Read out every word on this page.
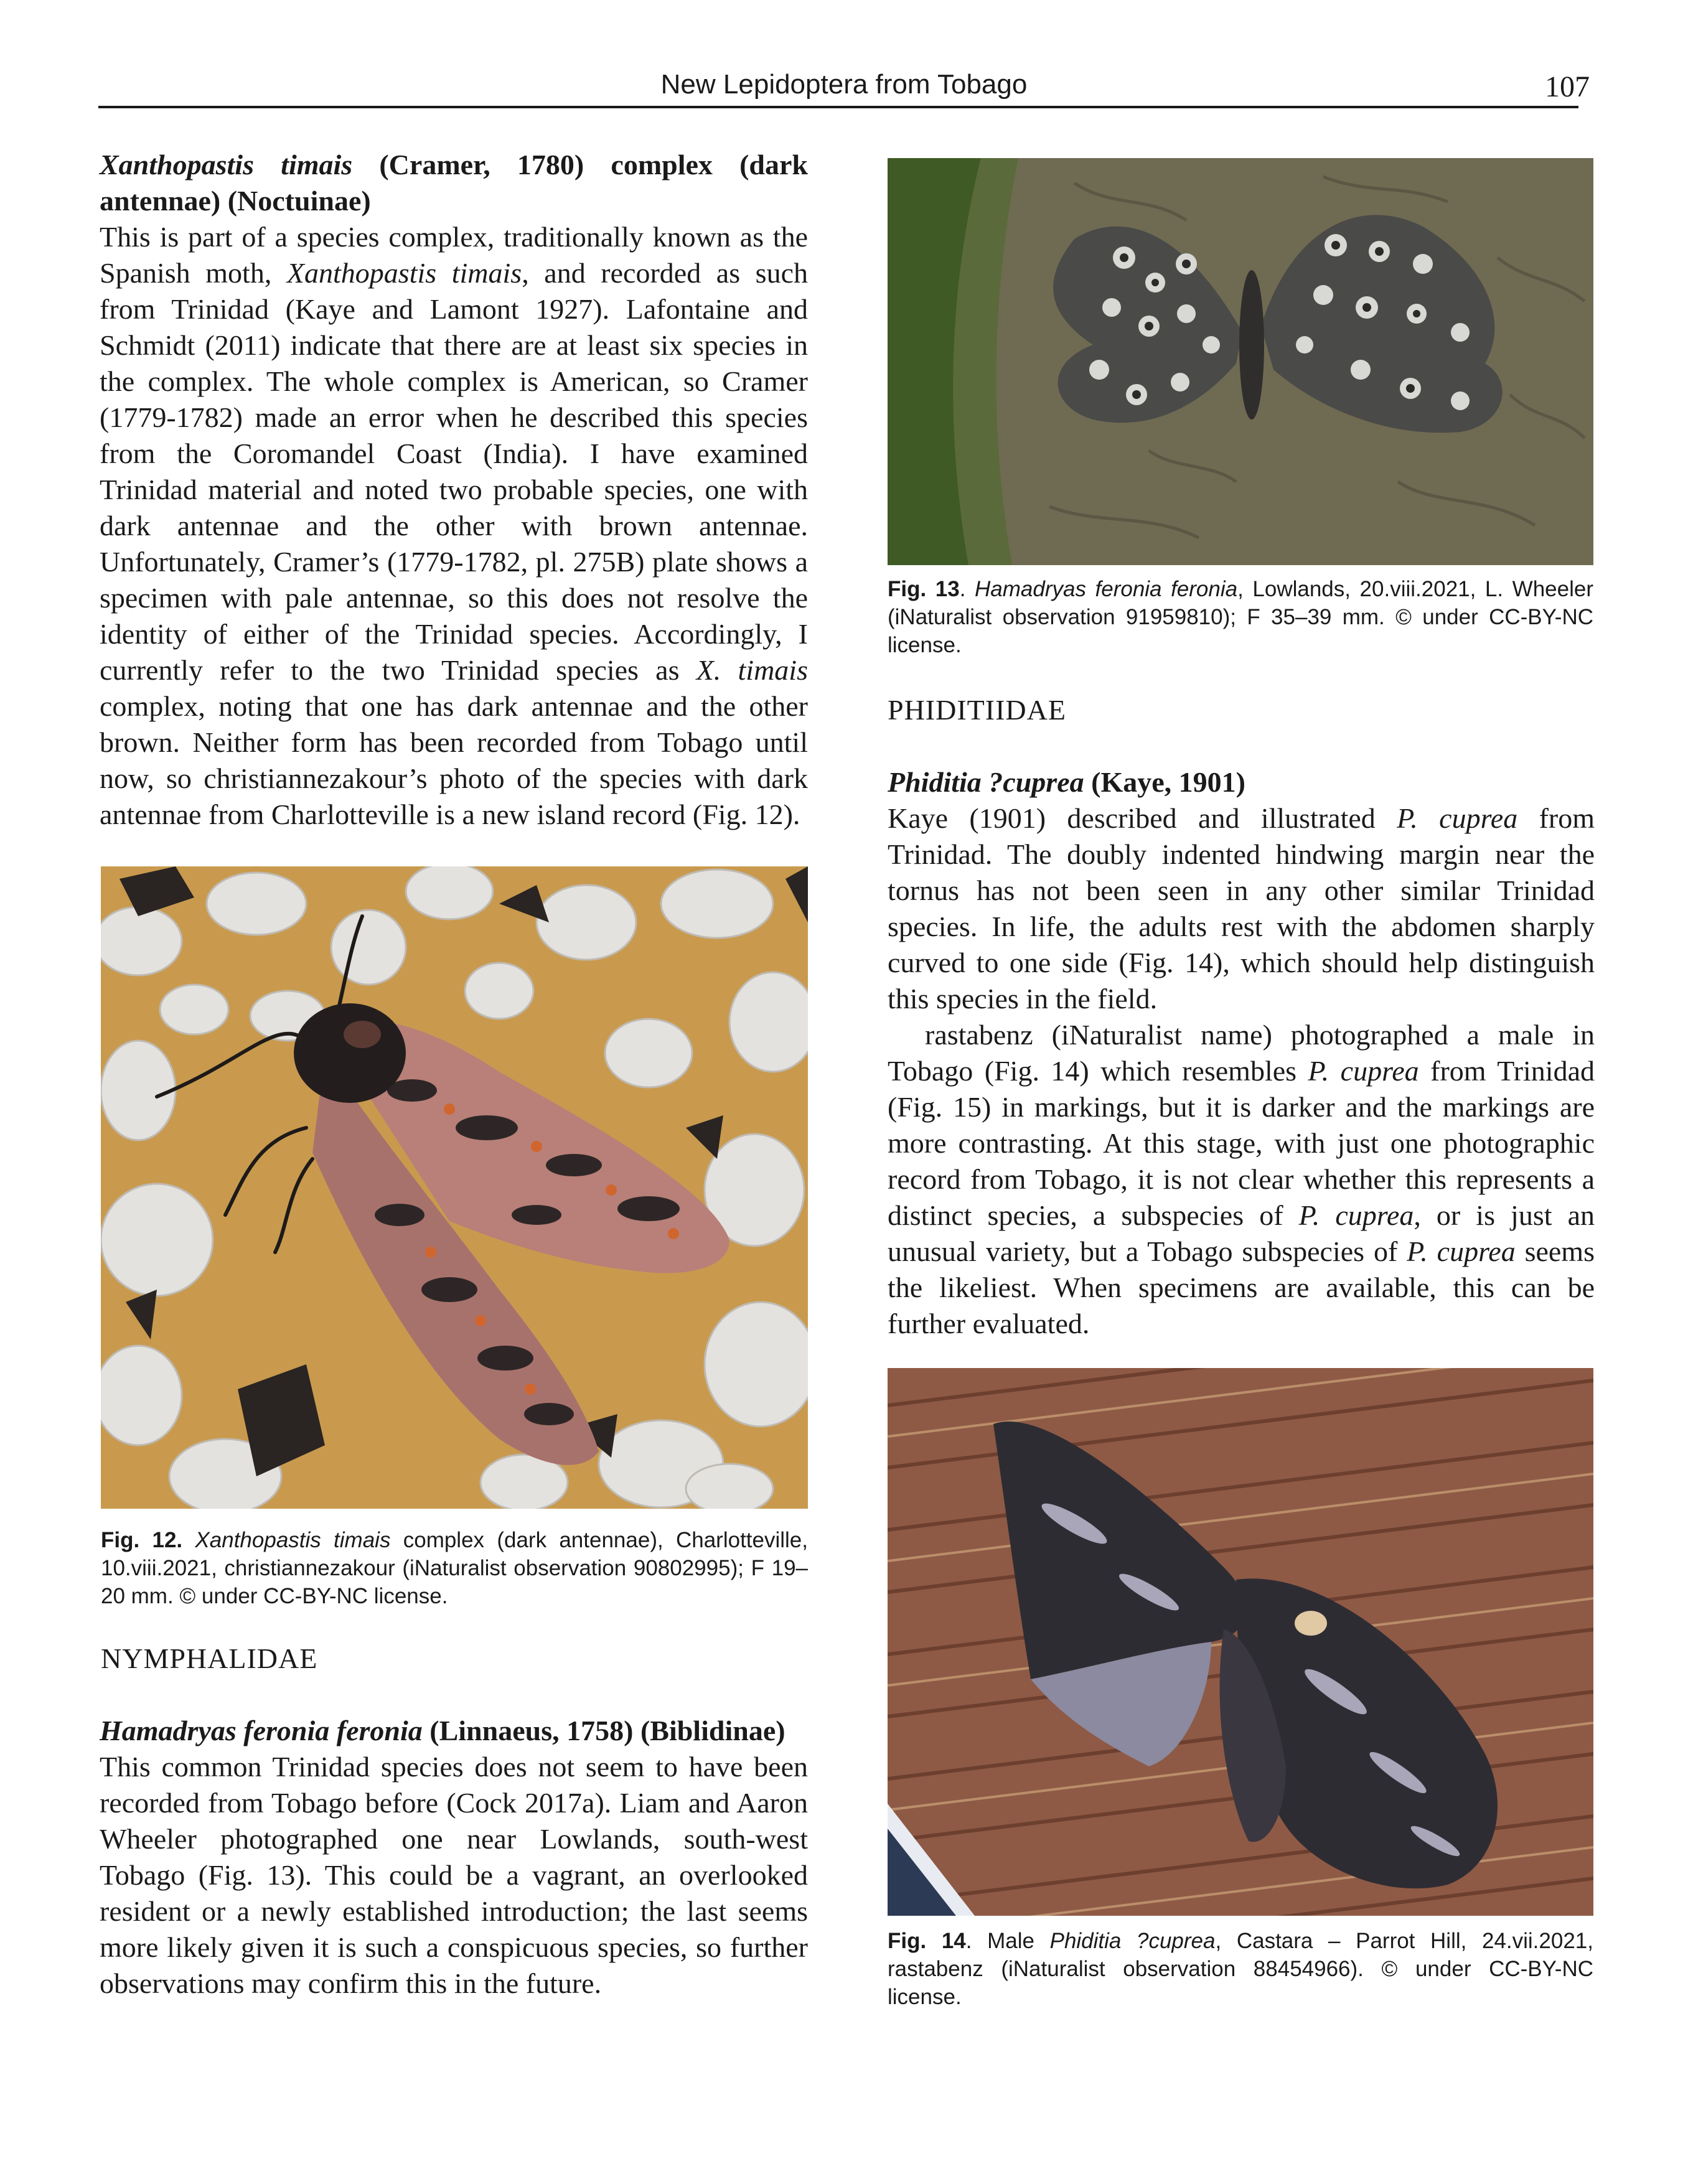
New Lepidoptera from Tobago	107

Xanthopastis timais (Cramer, 1780) complex (dark antennae) (Noctuinae)

This is part of a species complex, traditionally known as the Spanish moth, Xanthopastis timais, and recorded as such from Trinidad (Kaye and Lamont 1927). Lafontaine and Schmidt (2011) indicate that there are at least six species in the complex. The whole complex is American, so Cramer (1779-1782) made an error when he described this species from the Coromandel Coast (India). I have examined Trinidad material and noted two probable species, one with dark antennae and the other with brown antennae. Unfortunately, Cramer’s (1779-1782, pl. 275B) plate shows a specimen with pale antennae, so this does not resolve the identity of either of the Trinidad species. Accordingly, I currently refer to the two Trinidad species as X. timais complex, noting that one has dark antennae and the other brown. Neither form has been recorded from Tobago until now, so christiannezakour’s photo of the species with dark antennae from Charlotteville is a new island record (Fig. 12).

Fig. 12. Xanthopastis timais complex (dark antennae), Charlotteville, 10.viii.2021, christiannezakour (iNaturalist observation 90802995); F 19–20 mm. © under CC-BY-NC license.
NYMPHALIDAE

Hamadryas feronia feronia (Linnaeus, 1758) (Biblidinae)

This common Trinidad species does not seem to have been recorded from Tobago before (Cock 2017a). Liam and Aaron Wheeler photographed one near Lowlands, south-west Tobago (Fig. 13). This could be a vagrant, an overlooked resident or a newly established introduction; the last seems more likely given it is such a conspicuous species, so further observations may confirm this in the future.

Fig. 13. Hamadryas feronia feronia, Lowlands, 20.viii.2021, L. Wheeler (iNaturalist observation 91959810); F 35–39 mm. © under CC-BY-NC license.
PHIDITIIDAE

Phiditia ?cuprea (Kaye, 1901)

Kaye (1901) described and illustrated P. cuprea from Trinidad. The doubly indented hindwing margin near the tornus has not been seen in any other similar Trinidad species. In life, the adults rest with the abdomen sharply curved to one side (Fig. 14), which should help distinguish this species in the field.

rastabenz (iNaturalist name) photographed a male in Tobago (Fig. 14) which resembles P. cuprea from Trinidad (Fig. 15) in markings, but it is darker and the markings are more contrasting. At this stage, with just one photographic record from Tobago, it is not clear whether this represents a distinct species, a subspecies of P. cuprea, or is just an unusual variety, but a Tobago subspecies of P. cuprea seems the likeliest. When specimens are available, this can be further evaluated.

Fig. 14. Male Phiditia ?cuprea, Castara – Parrot Hill, 24.vii.2021, rastabenz (iNaturalist observation 88454966). © under CC-BY-NC license.
